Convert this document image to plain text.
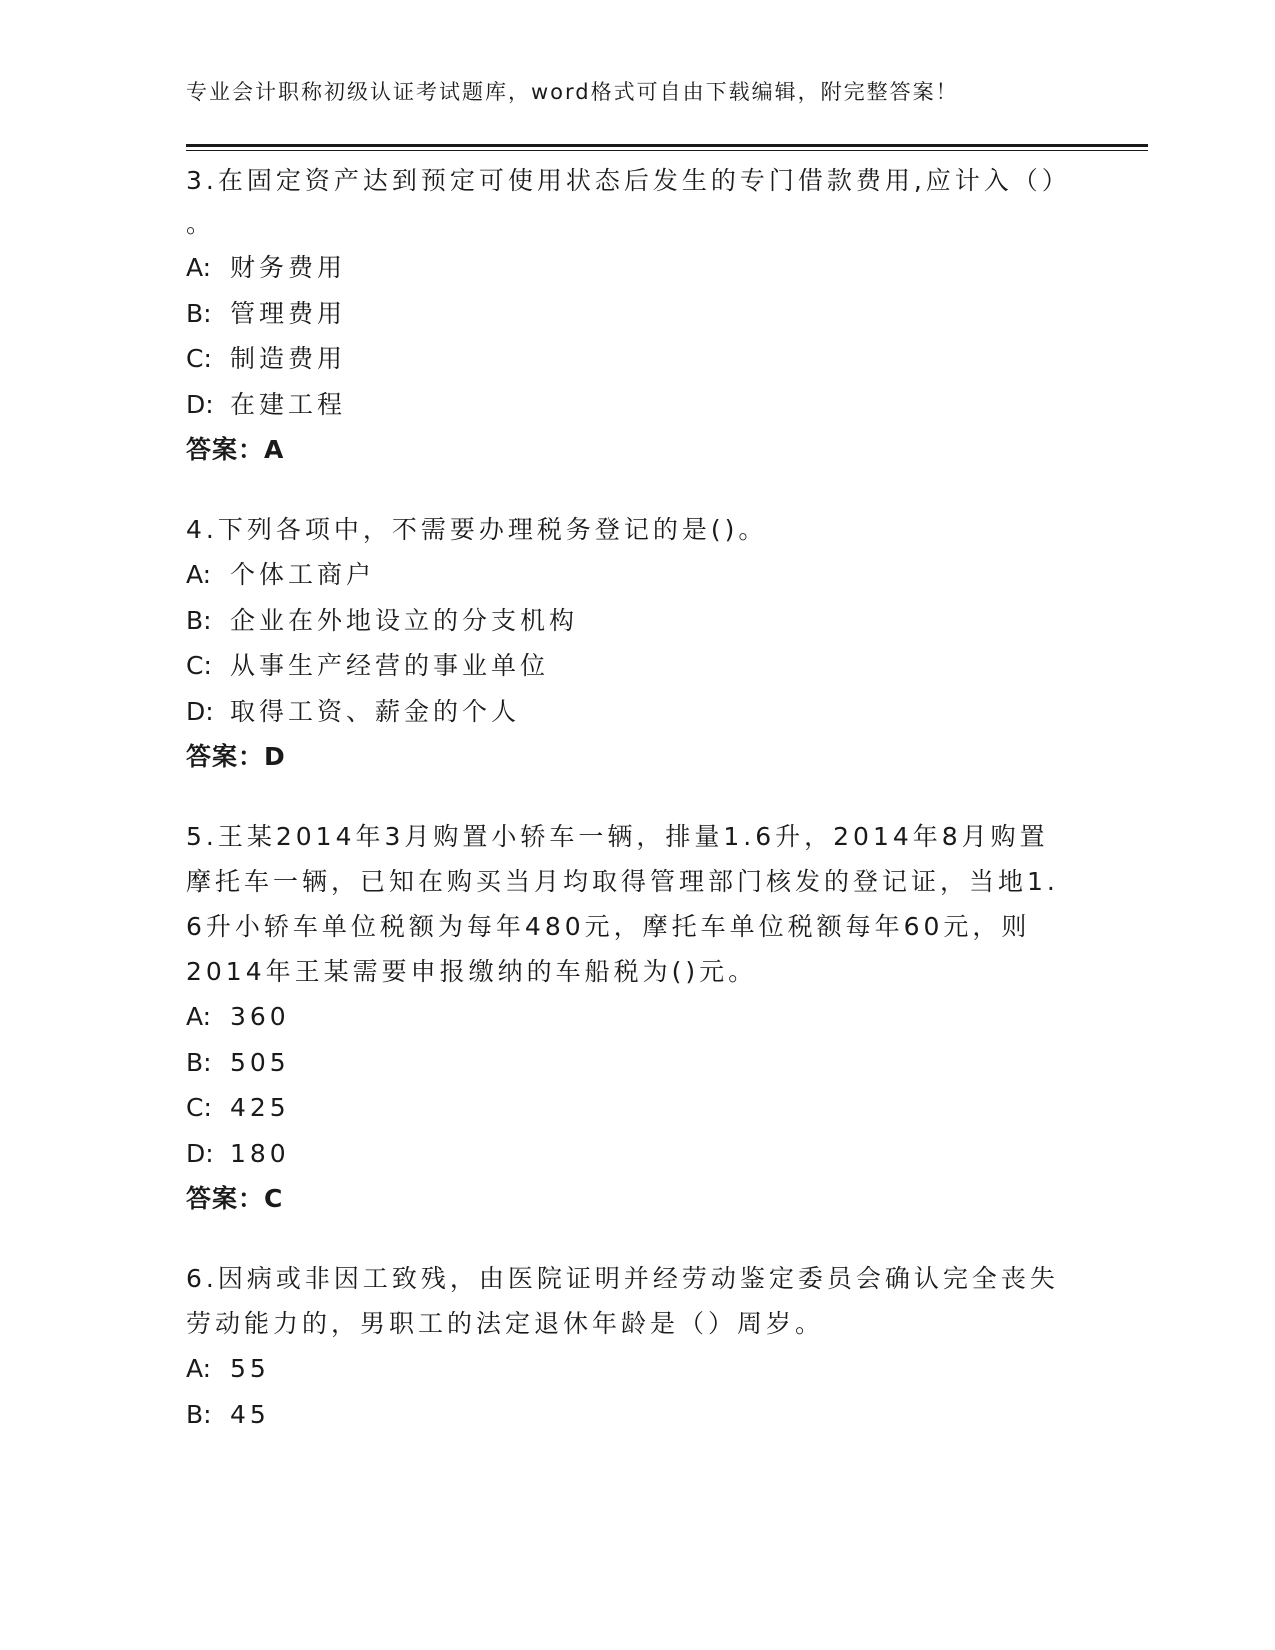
专业会计职称初级认证考试题库，word格式可自由下载编辑，附完整答案！
3.在固定资产达到预定可使用状态后发生的专门借款费用,应计入（）
。
A: 财务费用
B: 管理费用
C: 制造费用
D: 在建工程
答案：A
4.下列各项中，不需要办理税务登记的是()。
A: 个体工商户
B: 企业在外地设立的分支机构
C: 从事生产经营的事业单位
D: 取得工资、薪金的个人
答案：D
5.王某2014年3月购置小轿车一辆，排量1.6升，2014年8月购置
摩托车一辆，已知在购买当月均取得管理部门核发的登记证，当地1.
6升小轿车单位税额为每年480元，摩托车单位税额每年60元，则
2014年王某需要申报缴纳的车船税为()元。
A: 360
B: 505
C: 425
D: 180
答案：C
6.因病或非因工致残，由医院证明并经劳动鉴定委员会确认完全丧失
劳动能力的，男职工的法定退休年龄是（）周岁。
A: 55
B: 45
